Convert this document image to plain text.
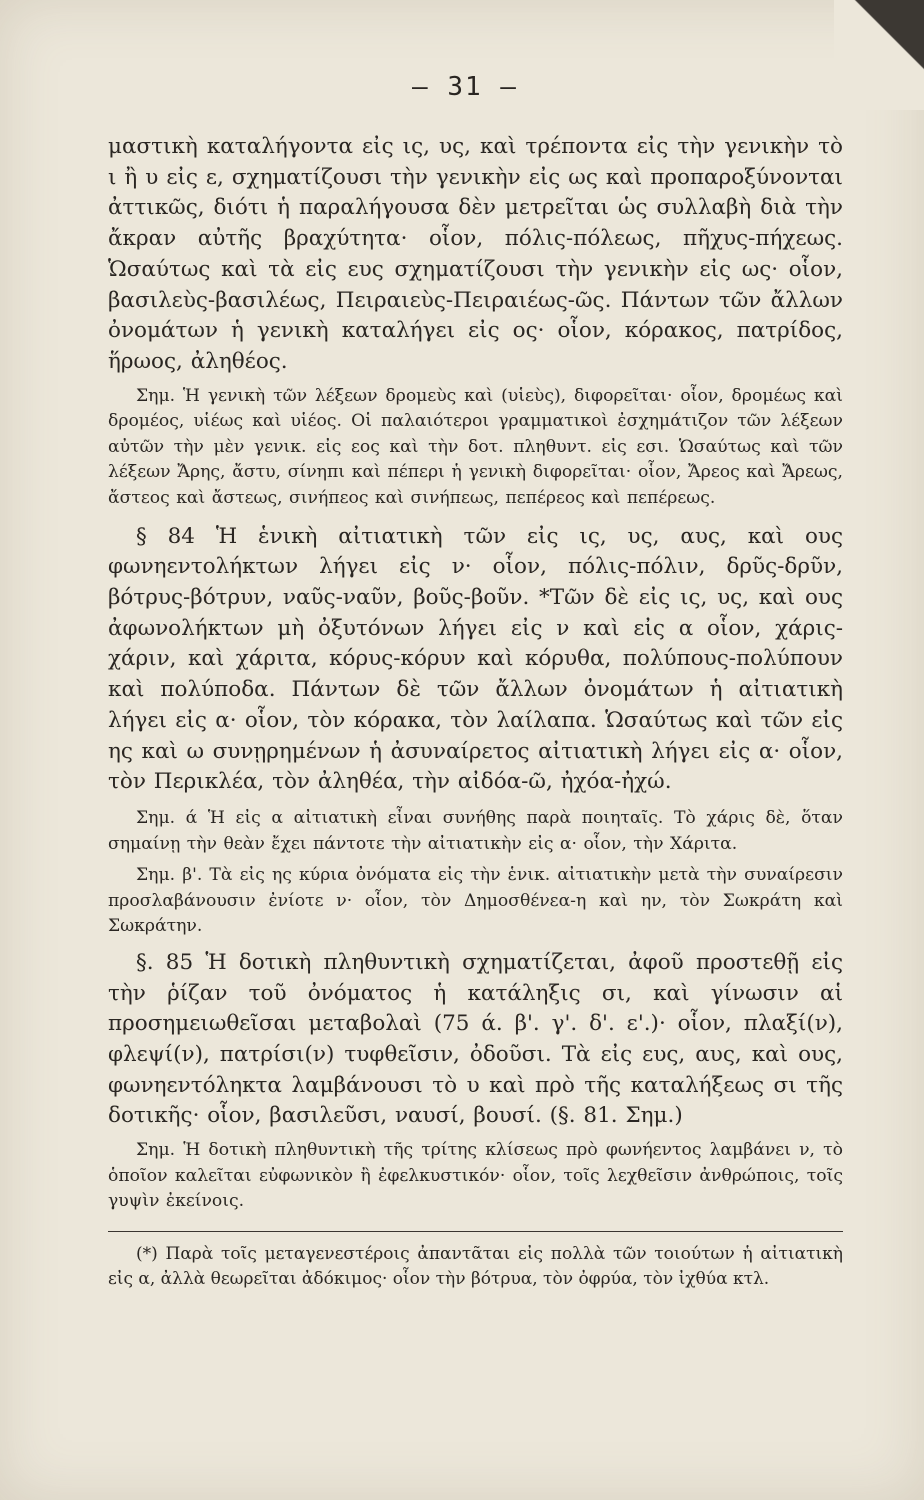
— 31 —

μαστικὴ καταλήγοντα εἰς ις, υς, καὶ τρέποντα εἰς τὴν γενικὴν τὸ ι ἢ υ εἰς ε, σχηματίζουσι τὴν γενικὴν εἰς ως καὶ προπαροξύνονται ἀττικῶς, διότι ἡ παραλήγουσα δὲν μετρεῖται ὡς συλλαβὴ διὰ τὴν ἄκραν αὐτῆς βραχύτητα· οἷον, πόλις-πόλεως, πῆχυς-πήχεως. Ὡσαύτως καὶ τὰ εἰς ευς σχηματίζουσι τὴν γενικὴν εἰς ως· οἷον, βασιλεὺς-βασιλέως, Πειραιεὺς-Πειραιέως-ῶς. Πάντων τῶν ἄλλων ὀνομάτων ἡ γενικὴ καταλήγει εἰς ος· οἷον, κόρακος, πατρίδος, ἥρωος, ἀληθέος.

Σημ. Ἡ γενικὴ τῶν λέξεων δρομεὺς καὶ (υἱεὺς), διφορεῖται· οἷον, δρομέως καὶ δρομέος, υἱέως καὶ υἱέος. Οἱ παλαιότεροι γραμματικοὶ ἐσχημάτιζον τῶν λέξεων αὐτῶν τὴν μὲν γενικ. εἰς εος καὶ τὴν δοτ. πληθυντ. εἰς εσι. Ὡσαύτως καὶ τῶν λέξεων Ἄρης, ἄστυ, σίνηπι καὶ πέπερι ἡ γενικὴ διφορεῖται· οἷον, Ἄρεος καὶ Ἄρεως, ἄστεος καὶ ἄστεως, σινήπεος καὶ σινήπεως, πεπέρεος καὶ πεπέρεως.

§ 84 Ἡ ἑνικὴ αἰτιατικὴ τῶν εἰς ις, υς, αυς, καὶ ους φωνηεντολήκτων λήγει εἰς ν· οἷον, πόλις-πόλιν, δρῦς-δρῦν, βότρυς-βότρυν, ναῦς-ναῦν, βοῦς-βοῦν. *Τῶν δὲ εἰς ις, υς, καὶ ους ἀφωνολήκτων μὴ ὀξυτόνων λήγει εἰς ν καὶ εἰς α οἷον, χάρις-χάριν, καὶ χάριτα, κόρυς-κόρυν καὶ κόρυθα, πολύπους-πολύπουν καὶ πολύποδα. Πάντων δὲ τῶν ἄλλων ὀνομάτων ἡ αἰτιατικὴ λήγει εἰς α· οἷον, τὸν κόρακα, τὸν λαίλαπα. Ὡσαύτως καὶ τῶν εἰς ης καὶ ω συνῃρημένων ἡ ἀσυναίρετος αἰτιατικὴ λήγει εἰς α· οἷον, τὸν Περικλέα, τὸν ἀληθέα, τὴν αἰδόα-ῶ, ἠχόα-ἠχώ.

Σημ. ά Ἡ εἰς α αἰτιατικὴ εἶναι συνήθης παρὰ ποιηταῖς. Τὸ χάρις δὲ, ὅταν σημαίνῃ τὴν θεὰν ἔχει πάντοτε τὴν αἰτιατικὴν εἰς α· οἷον, τὴν Χάριτα.

Σημ. β'. Τὰ εἰς ης κύρια ὀνόματα εἰς τὴν ἑνικ. αἰτιατικὴν μετὰ τὴν συναίρεσιν προσλαβάνουσιν ἐνίοτε ν· οἷον, τὸν Δημοσθένεα-η καὶ ην, τὸν Σωκράτη καὶ Σωκράτην.

§. 85 Ἡ δοτικὴ πληθυντικὴ σχηματίζεται, ἀφοῦ προστεθῇ εἰς τὴν ῥίζαν τοῦ ὀνόματος ἡ κατάληξις σι, καὶ γίνωσιν αἱ προσημειωθεῖσαι μεταβολαὶ (75 ά. β'. γ'. δ'. ε'.)· οἷον, πλαξί(ν), φλεψί(ν), πατρίσι(ν) τυφθεῖσιν, ὀδοῦσι. Τὰ εἰς ευς, αυς, καὶ ους, φωνηεντόληκτα λαμβάνουσι τὸ υ καὶ πρὸ τῆς καταλήξεως σι τῆς δοτικῆς· οἷον, βασιλεῦσι, ναυσί, βουσί. (§. 81. Σημ.)

Σημ. Ἡ δοτικὴ πληθυντικὴ τῆς τρίτης κλίσεως πρὸ φωνήεντος λαμβάνει ν, τὸ ὁποῖον καλεῖται εὐφωνικὸν ἢ ἐφελκυστικόν· οἷον, τοῖς λεχθεῖσιν ἀνθρώποις, τοῖς γυψὶν ἐκείνοις.

(*) Παρὰ τοῖς μεταγενεστέροις ἀπαντᾶται εἰς πολλὰ τῶν τοιούτων ἡ αἰτιατικὴ εἰς α, ἀλλὰ θεωρεῖται ἀδόκιμος· οἷον τὴν βότρυα, τὸν ὀφρύα, τὸν ἰχθύα κτλ.
